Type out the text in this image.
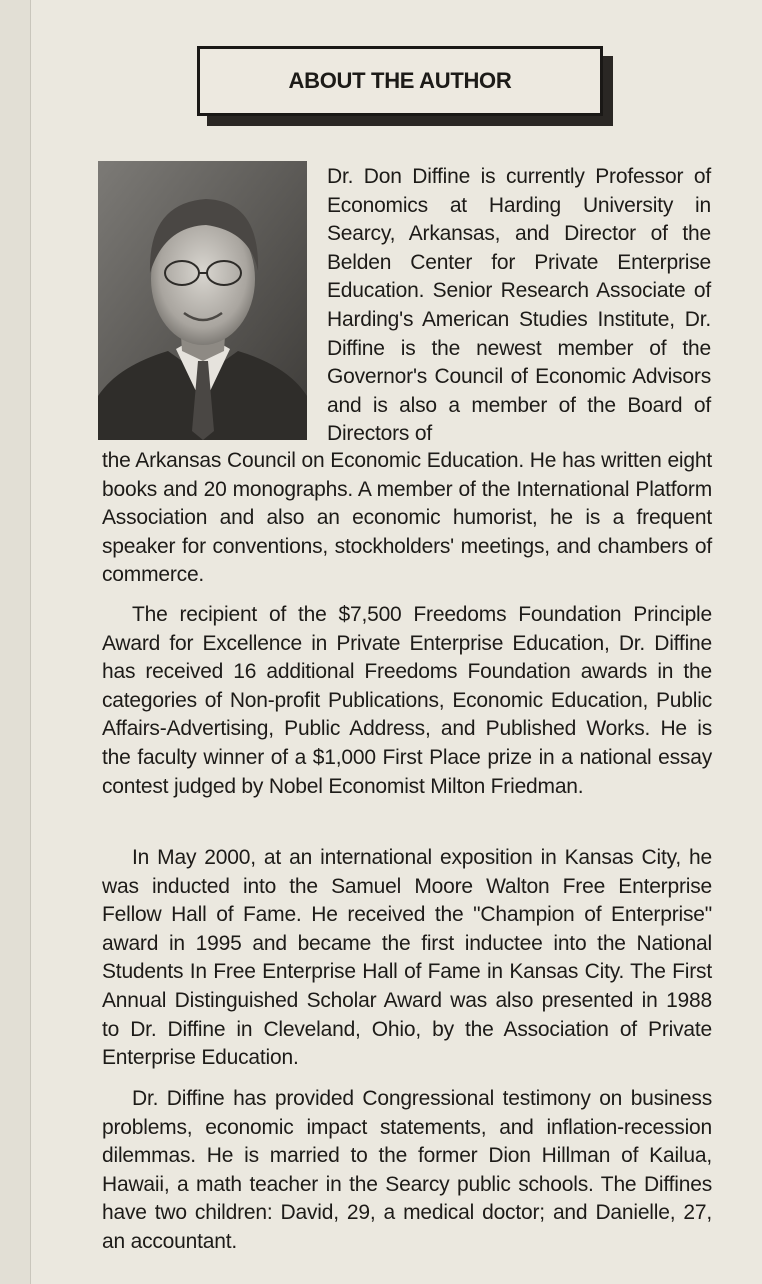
ABOUT THE AUTHOR
Dr. Don Diffine is currently Professor of Economics at Harding University in Searcy, Arkansas, and Director of the Belden Center for Private Enterprise Education. Senior Research Associate of Harding's American Studies Institute, Dr. Diffine is the newest member of the Governor's Council of Economic Advisors and is also a member of the Board of Directors of
the Arkansas Council on Economic Education. He has written eight books and 20 monographs. A member of the International Platform Association and also an economic humorist, he is a frequent speaker for conventions, stockholders' meetings, and chambers of commerce.
The recipient of the $7,500 Freedoms Foundation Principle Award for Excellence in Private Enterprise Education, Dr. Diffine has received 16 additional Freedoms Foundation awards in the categories of Non-profit Publications, Economic Education, Public Affairs-Advertising, Public Address, and Published Works. He is the faculty winner of a $1,000 First Place prize in a national essay contest judged by Nobel Economist Milton Friedman.
In May 2000, at an international exposition in Kansas City, he was inducted into the Samuel Moore Walton Free Enterprise Fellow Hall of Fame. He received the "Champion of Enterprise" award in 1995 and became the first inductee into the National Students In Free Enterprise Hall of Fame in Kansas City. The First Annual Distinguished Scholar Award was also presented in 1988 to Dr. Diffine in Cleveland, Ohio, by the Association of Private Enterprise Education.
Dr. Diffine has provided Congressional testimony on business problems, economic impact statements, and inflation-recession dilemmas. He is married to the former Dion Hillman of Kailua, Hawaii, a math teacher in the Searcy public schools. The Diffines have two children: David, 29, a medical doctor; and Danielle, 27, an accountant.
